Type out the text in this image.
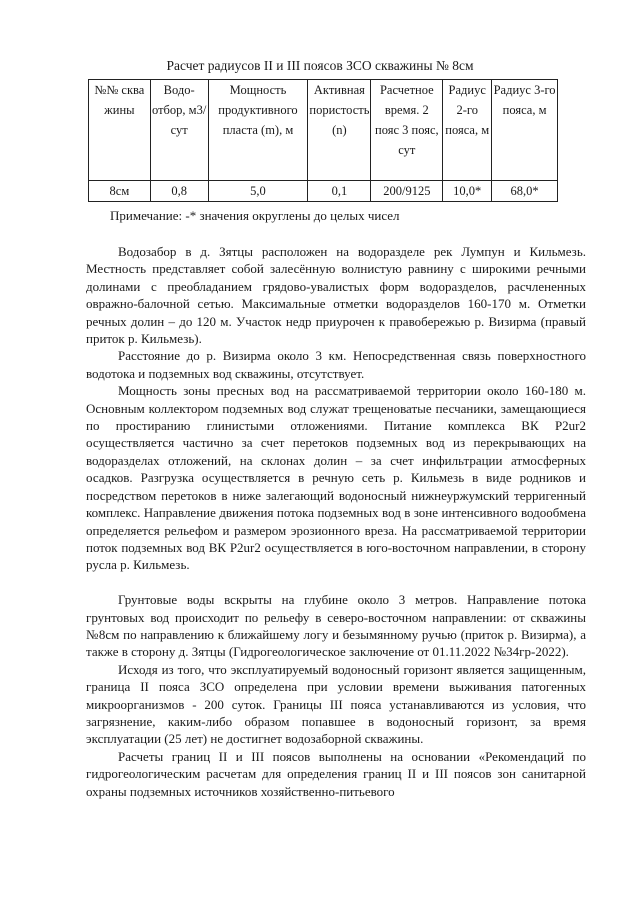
Расчет радиусов II и III поясов ЗСО скважины № 8см
№№ сква жины	Водо-отбор, м3/сут	Мощность продуктивного пласта (m), м	Активная пористость (n)	Расчетное время. 2 пояс 3 пояс, сут	Радиус 2-го пояса, м	Радиус 3-го пояса, м
8см	0,8	5,0	0,1	200/9125	10,0*	68,0*
Примечание: -* значения округлены до целых чисел

Водозабор в д. Зятцы расположен на водоразделе рек Лумпун и Кильмезь. Местность представляет собой залесённую волнистую равнину с широкими речными долинами с преобладанием грядово-увалистых форм водоразделов, расчлененных овражно-балочной сетью. Максимальные отметки водоразделов 160-170 м. Отметки речных долин – до 120 м. Участок недр приурочен к правобережью р. Визирма (правый приток р. Кильмезь).

Расстояние до р. Визирма около 3 км. Непосредственная связь поверхностного водотока и подземных вод скважины, отсутствует.

Мощность зоны пресных вод на рассматриваемой территории около 160-180 м. Основным коллектором подземных вод служат трещеноватые песчаники, замещающиеся по простиранию глинистыми отложениями. Питание комплекса ВК P2ur2 осуществляется частично за счет перетоков подземных вод из перекрывающих на водоразделах отложений, на склонах долин – за счет инфильтрации атмосферных осадков. Разгрузка осуществляется в речную сеть р. Кильмезь в виде родников и посредством перетоков в ниже залегающий водоносный нижнеуржумский терригенный комплекс. Направление движения потока подземных вод в зоне интенсивного водообмена определяется рельефом и размером эрозионного вреза. На рассматриваемой территории поток подземных вод ВК P2ur2 осуществляется в юго-восточном направлении, в сторону русла р. Кильмезь.

Грунтовые воды вскрыты на глубине около 3 метров. Направление потока грунтовых вод происходит по рельефу в северо-восточном направлении: от скважины №8см по направлению к ближайшему логу и безымянному ручью (приток р. Визирма), а также в сторону д. Зятцы (Гидрогеологическое заключение от 01.11.2022 №34гр-2022).

Исходя из того, что эксплуатируемый водоносный горизонт является защищенным, граница II пояса ЗСО определена при условии времени выживания патогенных микроорганизмов - 200 суток. Границы III пояса устанавливаются из условия, что загрязнение, каким-либо образом попавшее в водоносный горизонт, за время эксплуатации (25 лет) не достигнет водозаборной скважины.

Расчеты границ II и III поясов выполнены на основании «Рекомендаций по гидрогеологическим расчетам для определения границ II и III поясов зон санитарной охраны подземных источников хозяйственно-питьевого
